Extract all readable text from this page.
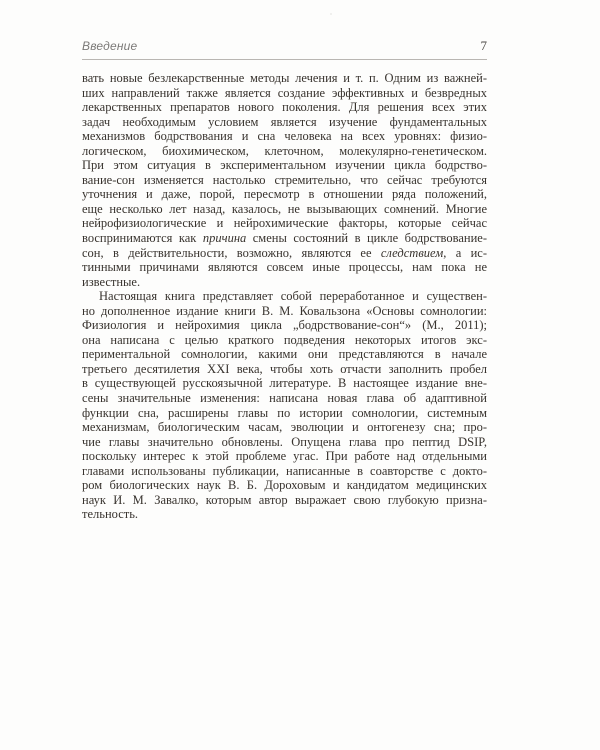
Введение	7
вать новые безлекарственные методы лечения и т. п. Одним из важней-
ших направлений также является создание эффективных и безвредных
лекарственных препаратов нового поколения. Для решения всех этих
задач необходимым условием является изучение фундаментальных
механизмов бодрствования и сна человека на всех уровнях: физио-
логическом, биохимическом, клеточном, молекулярно-генетическом.
При этом ситуация в экспериментальном изучении цикла бодрство-
вание-сон изменяется настолько стремительно, что сейчас требуются
уточнения и даже, порой, пересмотр в отношении ряда положений,
еще несколько лет назад, казалось, не вызывающих сомнений. Многие
нейрофизиологические и нейрохимические факторы, которые сейчас
воспринимаются как причина смены состояний в цикле бодрствование-
сон, в действительности, возможно, являются ее следствием, а ис-
тинными причинами являются совсем иные процессы, нам пока не
известные.
Настоящая книга представляет собой переработанное и существен-
но дополненное издание книги В. М. Ковальзона «Основы сомнологии:
Физиология и нейрохимия цикла „бодрствование-сон“» (М., 2011);
она написана с целью краткого подведения некоторых итогов экс-
периментальной сомнологии, какими они представляются в начале
третьего десятилетия XXI века, чтобы хоть отчасти заполнить пробел
в существующей русскоязычной литературе. В настоящее издание вне-
сены значительные изменения: написана новая глава об адаптивной
функции сна, расширены главы по истории сомнологии, системным
механизмам, биологическим часам, эволюции и онтогенезу сна; про-
чие главы значительно обновлены. Опущена глава про пептид DSIP,
поскольку интерес к этой проблеме угас. При работе над отдельными
главами использованы публикации, написанные в соавторстве с докто-
ром биологических наук В. Б. Дороховым и кандидатом медицинских
наук И. М. Завалко, которым автор выражает свою глубокую призна-
тельность.
